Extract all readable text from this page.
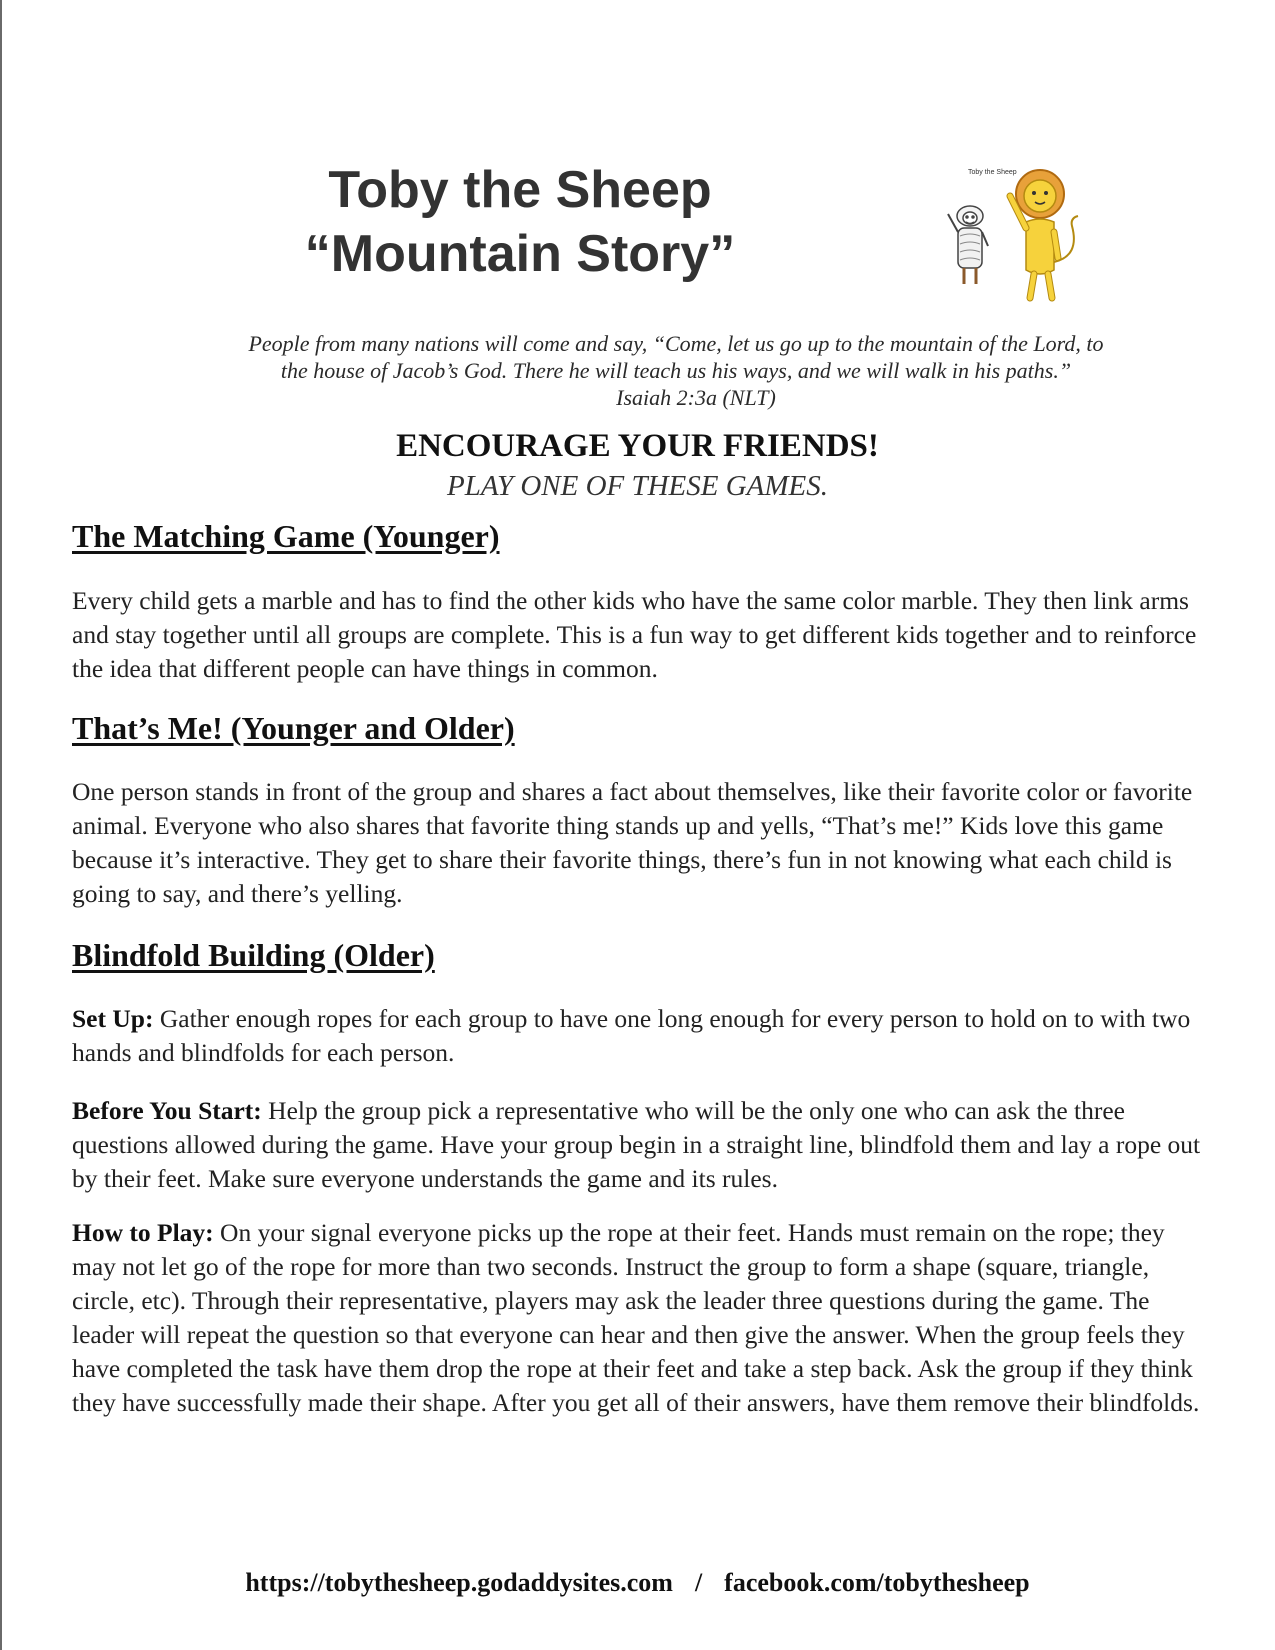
Toby the Sheep
“Mountain Story”
Toby the Sheep
People from many nations will come and say, “Come, let us go up to the mountain of the Lord, to
the house of Jacob’s God. There he will teach us his ways, and we will walk in his paths.”
Isaiah 2:3a (NLT)
ENCOURAGE YOUR FRIENDS!
PLAY ONE OF THESE GAMES.
The Matching Game (Younger)
Every child gets a marble and has to find the other kids who have the same color marble. They then link arms and stay together until all groups are complete. This is a fun way to get different kids together and to reinforce the idea that different people can have things in common.
That’s Me! (Younger and Older)
One person stands in front of the group and shares a fact about themselves, like their favorite color or favorite animal. Everyone who also shares that favorite thing stands up and yells, “That’s me!” Kids love this game because it’s interactive. They get to share their favorite things, there’s fun in not knowing what each child is going to say, and there’s yelling.
Blindfold Building (Older)
Set Up: Gather enough ropes for each group to have one long enough for every person to hold on to with two hands and blindfolds for each person.
Before You Start: Help the group pick a representative who will be the only one who can ask the three questions allowed during the game. Have your group begin in a straight line, blindfold them and lay a rope out by their feet. Make sure everyone understands the game and its rules.
How to Play: On your signal everyone picks up the rope at their feet. Hands must remain on the rope; they may not let go of the rope for more than two seconds. Instruct the group to form a shape (square, triangle, circle, etc). Through their representative, players may ask the leader three questions during the game. The leader will repeat the question so that everyone can hear and then give the answer. When the group feels they have completed the task have them drop the rope at their feet and take a step back. Ask the group if they think they have successfully made their shape. After you get all of their answers, have them remove their blindfolds.
https://tobythesheep.godaddysites.com / facebook.com/tobythesheep
